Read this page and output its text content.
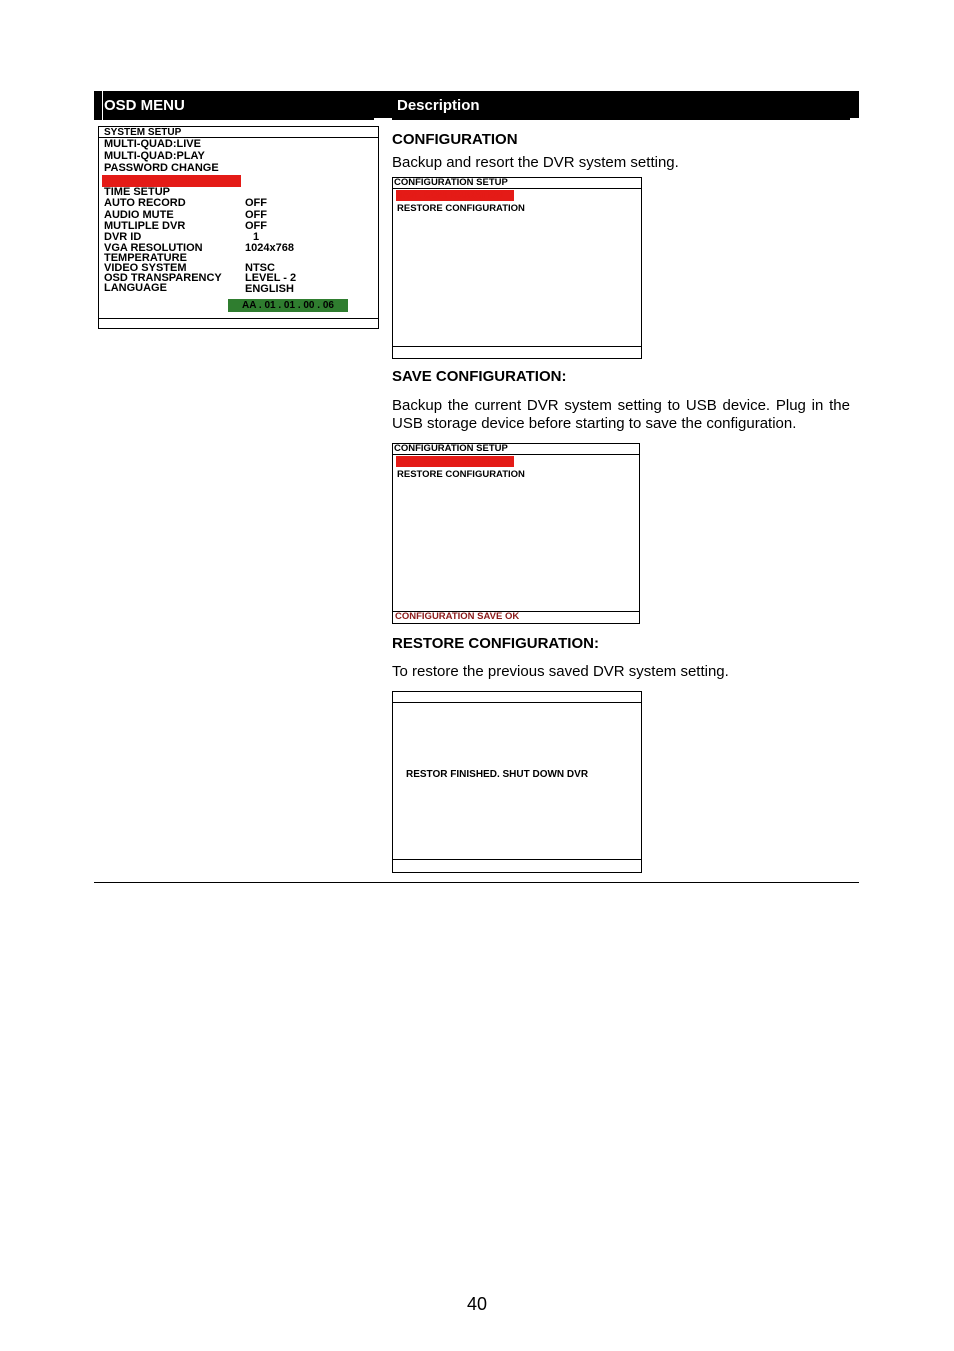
OSD MENU	Description
SYSTEM SETUP
MULTI-QUAD:LIVE
MULTI-QUAD:PLAY
PASSWORD CHANGE
CONFIGURATION
TIME SETUP
AUTO RECORD	OFF
AUDIO MUTE	OFF
MUTLIPLE DVR	OFF
DVR ID	1
VGA RESOLUTION	1024x768
TEMPERATURE
VIDEO SYSTEM	NTSC
OSD TRANSPARENCY LEVEL - 2
LANGUAGE	ENGLISH
AA . 01 . 01 . 00 . 06
CONFIGURATION
Backup and resort the DVR system setting.
CONFIGURATION SETUP
SAVE CONFIGURATION
RESTORE CONFIGURATION
SAVE CONFIGURATION:
Backup the current DVR system setting to USB device. Plug in the USB storage device before starting to save the configuration.
CONFIGURATION SETUP
SAVE CONFIGURATION
RESTORE CONFIGURATION
CONFIGURATION SAVE OK
RESTORE CONFIGURATION:
To restore the previous saved DVR system setting.
RESTOR FINISHED. SHUT DOWN DVR
40
